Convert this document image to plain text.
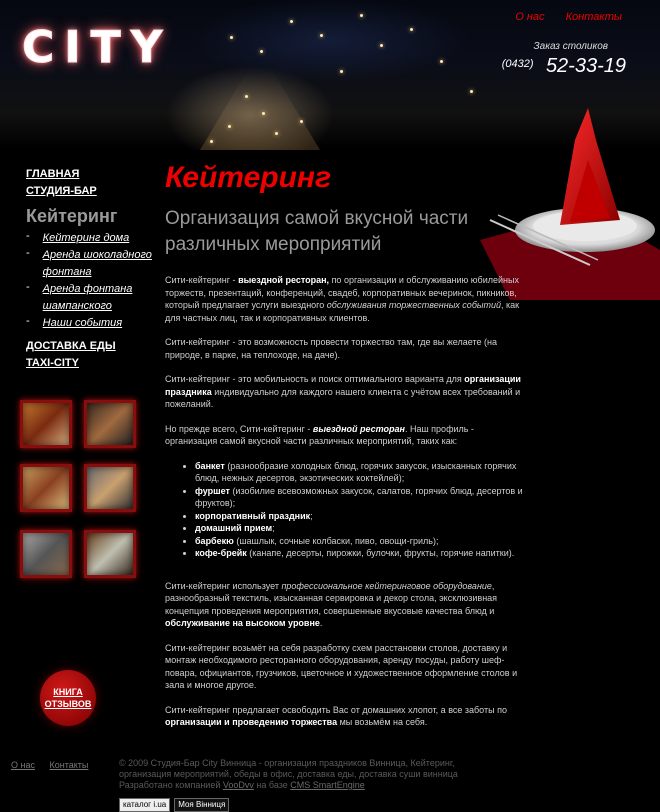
CITY
О нас Контакты
Заказ столиков
$^{(0432)}$ 52-33-19
ГЛАВНАЯ
СТУДИЯ-БАР
Кейтеринг
- Кейтеринг дома
- Аренда шоколадного фонтана
- Аренда фонтана шампанского
- Наши события
ДОСТАВКА ЕДЫ
TAXI-CITY
КНИГА
ОТЗЫВОВ
Кейтеринг
Организация самой вкусной части различных мероприятий

Сити-кейтеринг - выездной ресторан, по организации и обслуживанию юбилейных торжеств, презентаций, конференций, свадеб, корпоративных вечеринок, пикников, который предлагает услуги выездного обслуживания торжественных событий, как для частных лиц, так и корпоративных клиентов.

Сити-кейтеринг - это возможность провести торжество там, где вы желаете (на природе, в парке, на теплоходе, на даче).

Сити-кейтеринг - это мобильность и поиск оптимального варианта для организации праздника индивидуально для каждого нашего клиента с учётом всех требований и пожеланий.

Но прежде всего, Сити-кейтеринг - выездной ресторан. Наш профиль - организация самой вкусной части различных мероприятий, таких как:

• банкет (разнообразие холодных блюд, горячих закусок, изысканных горячих блюд, нежных десертов, экзотических коктейлей);
• фуршет (изобилие всевозможных закусок, салатов, горячих блюд, десертов и фруктов);
• корпоративный праздник;
• домашний прием;
• барбекю (шашлык, сочные колбаски, пиво, овощи-гриль);
• кофе-брейк (канапе, десерты, пирожки, булочки, фрукты, горячие напитки).

Сити-кейтеринг использует профессиональное кейтеринговое оборудование, разнообразный текстиль, изысканная сервировка и декор стола, эксклюзивная концепция проведения мероприятия, совершенные вкусовые качества блюд и обслуживание на высоком уровне.

Сити-кейтеринг возьмёт на себя разработку схем расстановки столов, доставку и монтаж необходимого ресторанного оборудования, аренду посуды, работу шеф-повара, официантов, грузчиков, цветочное и художественное оформление столов и зала и многое другое.

Сити-кейтеринг предлагает освободить Вас от домашних хлопот, а все заботы по организации и проведению торжества мы возьмём на себя.

О нас Контакты	© 2009 Студия-Бар City Винница - организация праздников Винница, Кейтеринг, организация мероприятий, обеды в офис, доставка еды, доставка суши винница
Разработано компанией VooDvv на базе CMS SmartEngine
каталог i.ua	Моя Вінниця
